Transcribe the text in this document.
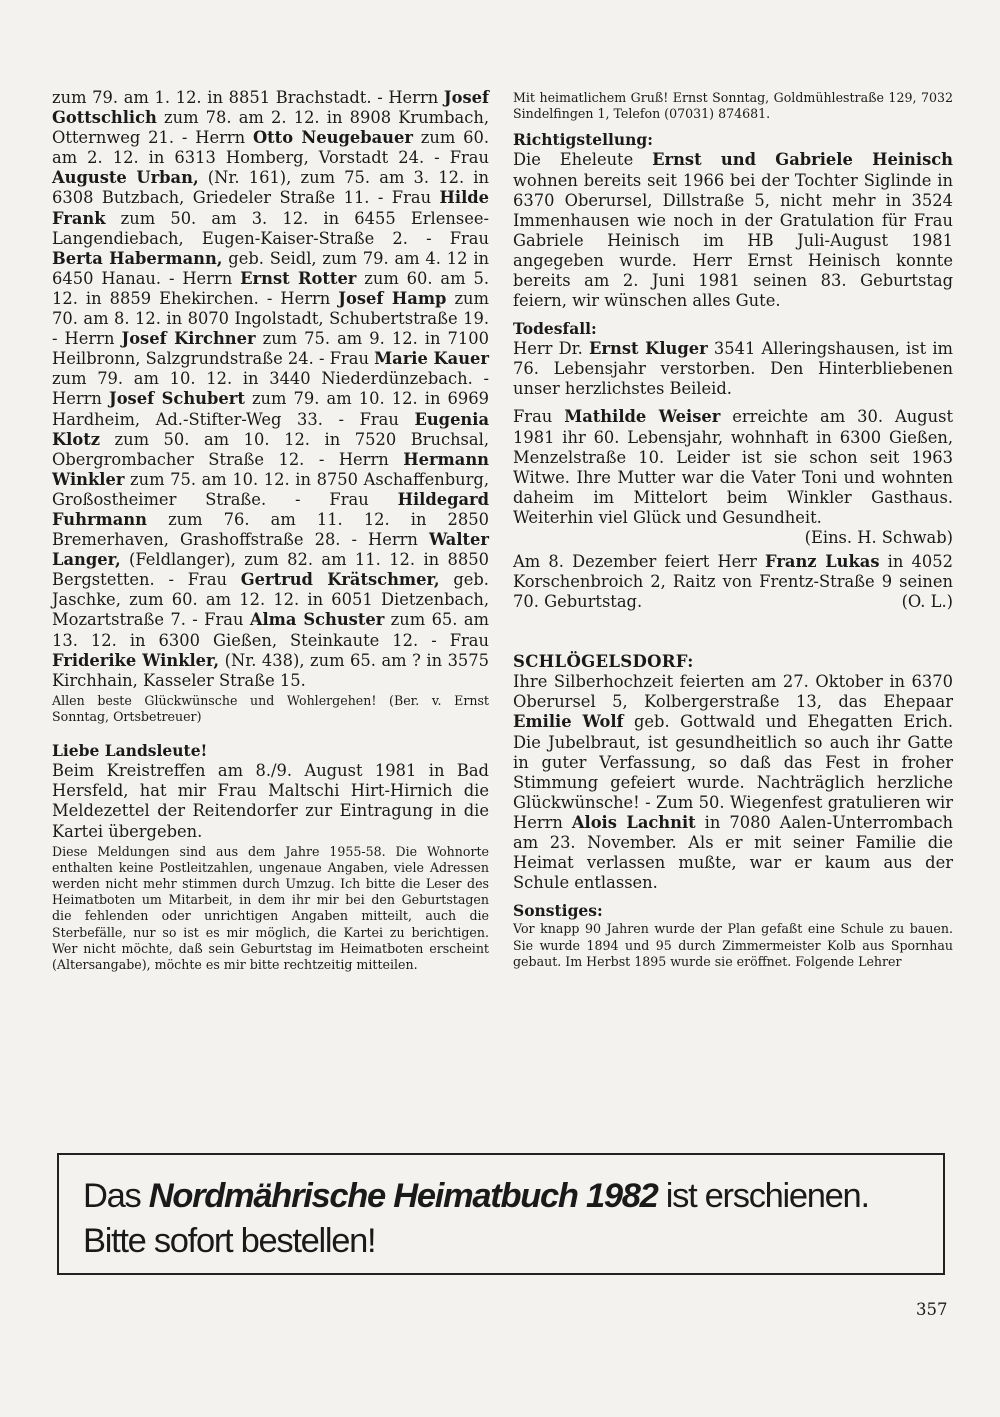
zum 79. am 1. 12. in 8851 Brachstadt. - Herrn Josef Gottschlich zum 78. am 2. 12. in 8908 Krumbach, Otternweg 21. - Herrn Otto Neugebauer zum 60. am 2. 12. in 6313 Homberg, Vorstadt 24. - Frau Auguste Urban, (Nr. 161), zum 75. am 3. 12. in 6308 Butzbach, Griedeler Straße 11. - Frau Hilde Frank zum 50. am 3. 12. in 6455 Erlensee-Langendiebach, Eugen-Kaiser-Straße 2. - Frau Berta Habermann, geb. Seidl, zum 79. am 4. 12 in 6450 Hanau. - Herrn Ernst Rotter zum 60. am 5. 12. in 8859 Ehekirchen. - Herrn Josef Hamp zum 70. am 8. 12. in 8070 Ingolstadt, Schubertstraße 19. - Herrn Josef Kirchner zum 75. am 9. 12. in 7100 Heilbronn, Salzgrundstraße 24. - Frau Marie Kauer zum 79. am 10. 12. in 3440 Niederdünzebach. - Herrn Josef Schubert zum 79. am 10. 12. in 6969 Hardheim, Ad.-Stifter-Weg 33. - Frau Eugenia Klotz zum 50. am 10. 12. in 7520 Bruchsal, Obergrombacher Straße 12. - Herrn Hermann Winkler zum 75. am 10. 12. in 8750 Aschaffenburg, Großostheimer Straße. - Frau Hildegard Fuhrmann zum 76. am 11. 12. in 2850 Bremerhaven, Grashoffstraße 28. - Herrn Walter Langer, (Feldlanger), zum 82. am 11. 12. in 8850 Bergstetten. - Frau Gertrud Krätschmer, geb. Jaschke, zum 60. am 12. 12. in 6051 Dietzenbach, Mozartstraße 7. - Frau Alma Schuster zum 65. am 13. 12. in 6300 Gießen, Steinkaute 12. - Frau Friderike Winkler, (Nr. 438), zum 65. am ? in 3575 Kirchhain, Kasseler Straße 15.

Allen beste Glückwünsche und Wohlergehen! (Ber. v. Ernst Sonntag, Ortsbetreuer)

Liebe Landsleute!

Beim Kreistreffen am 8./9. August 1981 in Bad Hersfeld, hat mir Frau Maltschi Hirt-Hirnich die Meldezettel der Reitendorfer zur Eintragung in die Kartei übergeben.

Diese Meldungen sind aus dem Jahre 1955-58. Die Wohnorte enthalten keine Postleitzahlen, ungenaue Angaben, viele Adressen werden nicht mehr stimmen durch Umzug. Ich bitte die Leser des Heimatboten um Mitarbeit, in dem ihr mir bei den Geburtstagen die fehlenden oder unrichtigen Angaben mitteilt, auch die Sterbefälle, nur so ist es mir möglich, die Kartei zu berichtigen. Wer nicht möchte, daß sein Geburtstag im Heimatboten erscheint (Altersangabe), möchte es mir bitte rechtzeitig mitteilen.

Mit heimatlichem Gruß! Ernst Sonntag, Goldmühlestraße 129, 7032 Sindelfingen 1, Telefon (07031) 874681.

Richtigstellung:

Die Eheleute Ernst und Gabriele Heinisch wohnen bereits seit 1966 bei der Tochter Siglinde in 6370 Oberursel, Dillstraße 5, nicht mehr in 3524 Immenhausen wie noch in der Gratulation für Frau Gabriele Heinisch im HB Juli-August 1981 angegeben wurde. Herr Ernst Heinisch konnte bereits am 2. Juni 1981 seinen 83. Geburtstag feiern, wir wünschen alles Gute.

Todesfall:

Herr Dr. Ernst Kluger 3541 Alleringshausen, ist im 76. Lebensjahr verstorben. Den Hinterbliebenen unser herzlichstes Beileid.

Frau Mathilde Weiser erreichte am 30. August 1981 ihr 60. Lebensjahr, wohnhaft in 6300 Gießen, Menzelstraße 10. Leider ist sie schon seit 1963 Witwe. Ihre Mutter war die Vater Toni und wohnten daheim im Mittelort beim Winkler Gasthaus. Weiterhin viel Glück und Gesundheit.
(Eins. H. Schwab)

Am 8. Dezember feiert Herr Franz Lukas in 4052 Korschenbroich 2, Raitz von Frentz-Straße 9 seinen 70. Geburtstag.	(O. L.)

SCHLÖGELSDORF:

Ihre Silberhochzeit feierten am 27. Oktober in 6370 Oberursel 5, Kolbergerstraße 13, das Ehepaar Emilie Wolf geb. Gottwald und Ehegatten Erich. Die Jubelbraut, ist gesundheitlich so auch ihr Gatte in guter Verfassung, so daß das Fest in froher Stimmung gefeiert wurde. Nachträglich herzliche Glückwünsche! - Zum 50. Wiegenfest gratulieren wir Herrn Alois Lachnit in 7080 Aalen-Unterrombach am 23. November. Als er mit seiner Familie die Heimat verlassen mußte, war er kaum aus der Schule entlassen.

Sonstiges:

Vor knapp 90 Jahren wurde der Plan gefaßt eine Schule zu bauen. Sie wurde 1894 und 95 durch Zimmermeister Kolb aus Spornhau gebaut. Im Herbst 1895 wurde sie eröffnet. Folgende Lehrer

Das Nordmährische Heimatbuch 1982 ist erschienen.
Bitte sofort bestellen!
357
